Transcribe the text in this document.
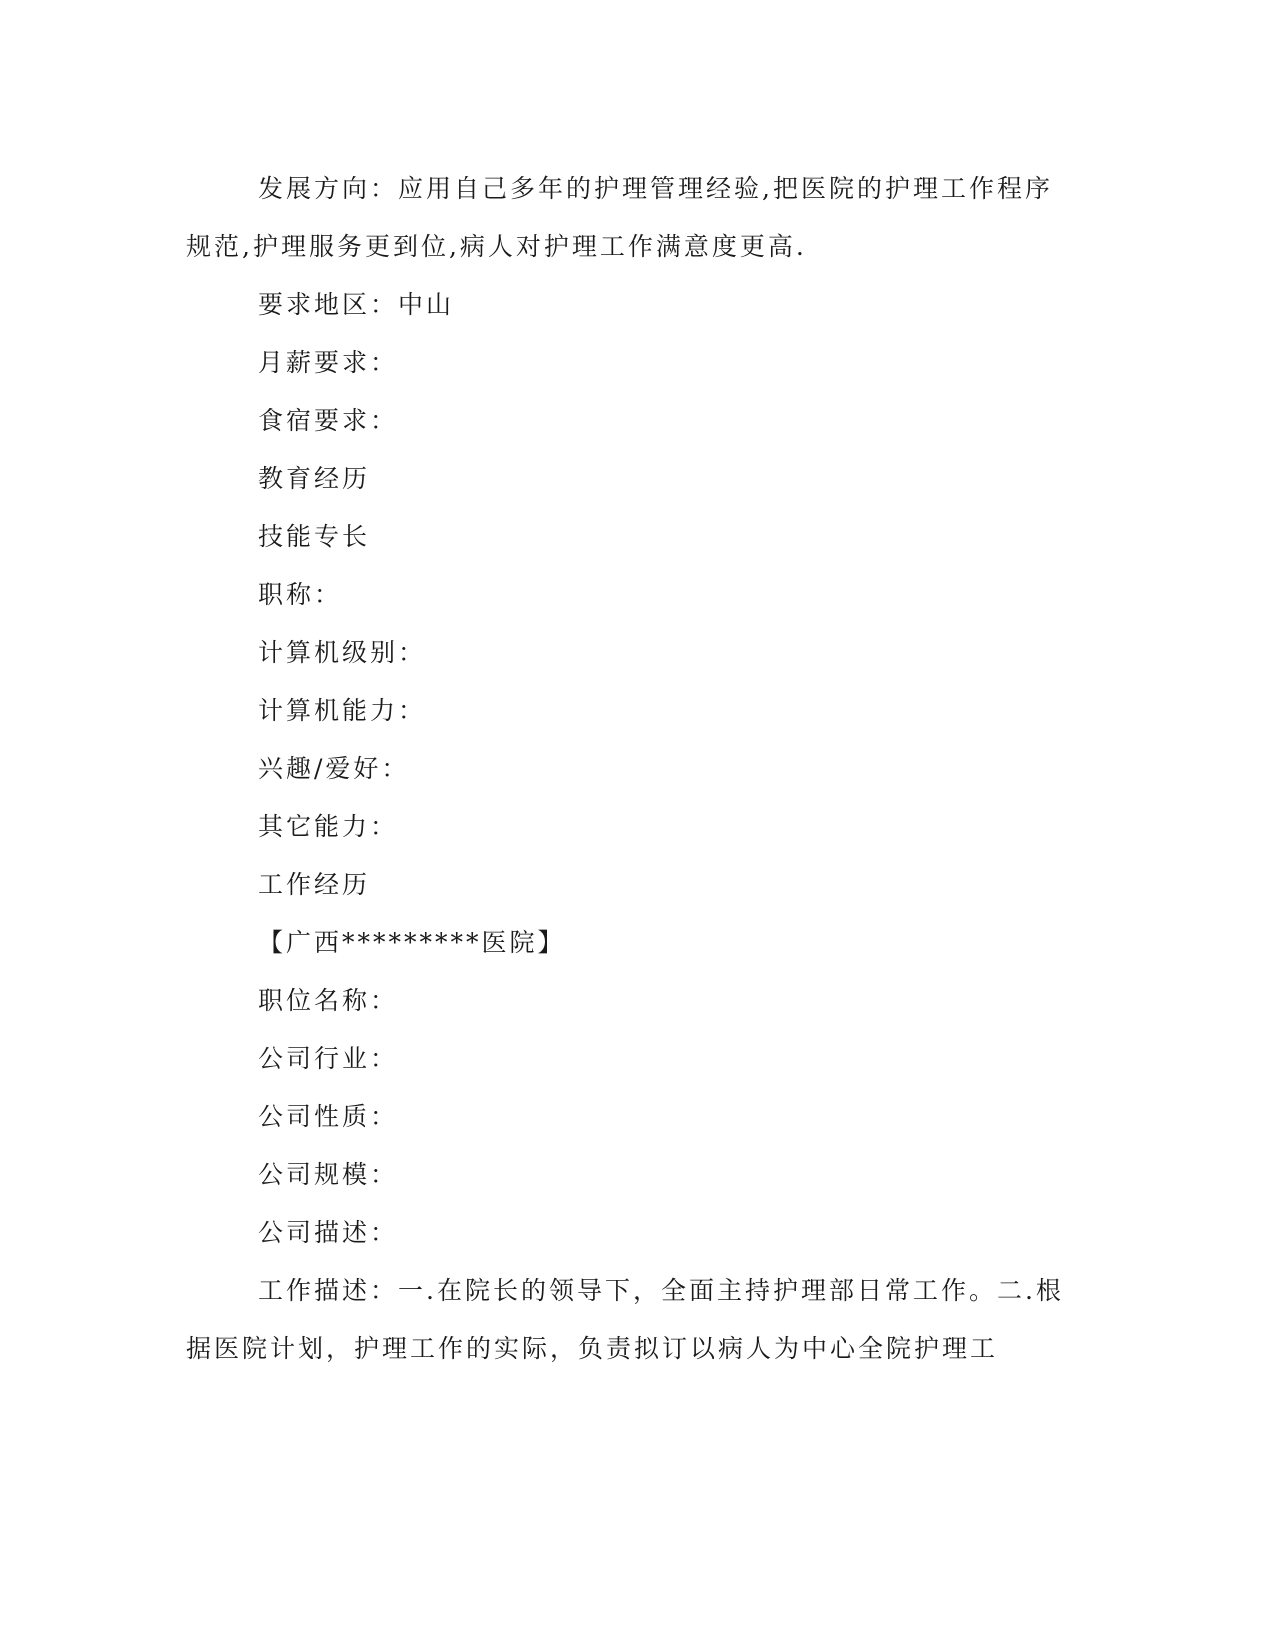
发展方向：应用自己多年的护理管理经验,把医院的护理工作程序规范,护理服务更到位,病人对护理工作满意度更高.

要求地区：中山

月薪要求：

食宿要求：

教育经历

技能专长

职称：

计算机级别：

计算机能力：

兴趣/爱好：

其它能力：

工作经历

【广西*********医院】

职位名称：

公司行业：

公司性质：

公司规模：

公司描述：

工作描述：一.在院长的领导下，全面主持护理部日常工作。二.根据医院计划，护理工作的实际，负责拟订以病人为中心全院护理工
